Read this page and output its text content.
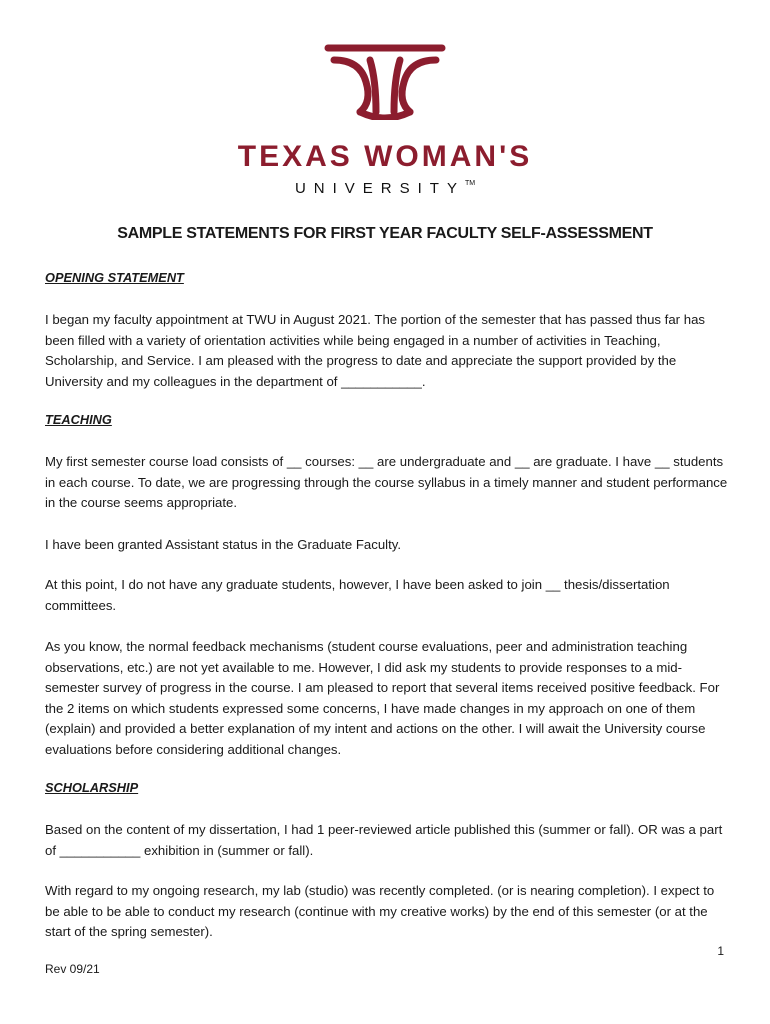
TEXAS WOMAN'S
UNIVERSITY™
SAMPLE STATEMENTS FOR FIRST YEAR FACULTY SELF-ASSESSMENT
OPENING STATEMENT

I began my faculty appointment at TWU in August 2021. The portion of the semester that has passed thus far has been filled with a variety of orientation activities while being engaged in a number of activities in Teaching, Scholarship, and Service. I am pleased with the progress to date and appreciate the support provided by the University and my colleagues in the department of ___________.

TEACHING

My first semester course load consists of __ courses: __ are undergraduate and __ are graduate. I have __ students in each course. To date, we are progressing through the course syllabus in a timely manner and student performance in the course seems appropriate.

I have been granted Assistant status in the Graduate Faculty.

At this point, I do not have any graduate students, however, I have been asked to join __ thesis/dissertation committees.

As you know, the normal feedback mechanisms (student course evaluations, peer and administration teaching observations, etc.) are not yet available to me. However, I did ask my students to provide responses to a mid-semester survey of progress in the course. I am pleased to report that several items received positive feedback. For the 2 items on which students expressed some concerns, I have made changes in my approach on one of them (explain) and provided a better explanation of my intent and actions on the other. I will await the University course evaluations before considering additional changes.

SCHOLARSHIP

Based on the content of my dissertation, I had 1 peer-reviewed article published this (summer or fall). OR was a part of ___________ exhibition in (summer or fall).

With regard to my ongoing research, my lab (studio) was recently completed. (or is nearing completion). I expect to be able to be able to conduct my research (continue with my creative works) by the end of this semester (or at the start of the spring semester).

1
Rev 09/21
